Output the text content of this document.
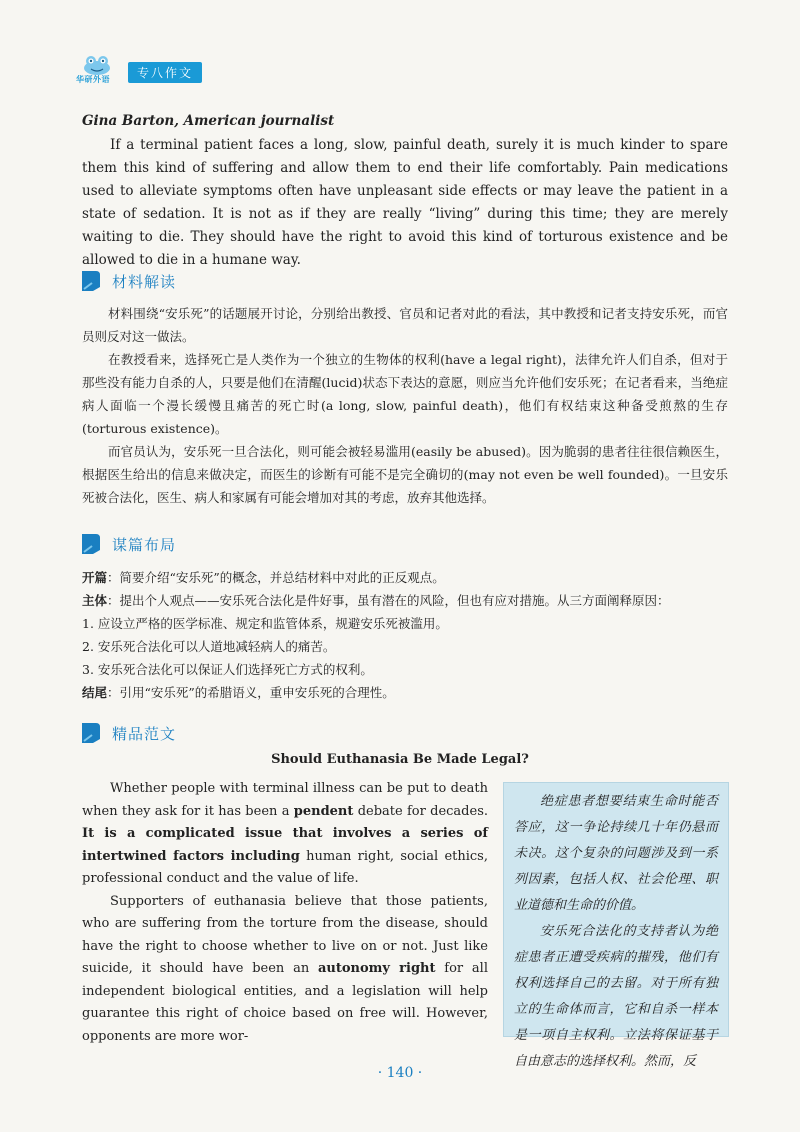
华研外语	专八作文
Gina Barton, American journalist

If a terminal patient faces a long, slow, painful death, surely it is much kinder to spare them this kind of suffering and allow them to end their life comfortably. Pain medications used to alleviate symptoms often have unpleasant side effects or may leave the patient in a state of sedation. It is not as if they are really “living” during this time; they are merely waiting to die. They should have the right to avoid this kind of torturous existence and be allowed to die in a humane way.

材料解读

材料围绕“安乐死”的话题展开讨论，分别给出教授、官员和记者对此的看法，其中教授和记者支持安乐死，而官员则反对这一做法。

在教授看来，选择死亡是人类作为一个独立的生物体的权利(have a legal right)，法律允许人们自杀，但对于那些没有能力自杀的人，只要是他们在清醒(lucid)状态下表达的意愿，则应当允许他们安乐死；在记者看来，当绝症病人面临一个漫长缓慢且痛苦的死亡时(a long, slow, painful death)，他们有权结束这种备受煎熬的生存(torturous existence)。

而官员认为，安乐死一旦合法化，则可能会被轻易滥用(easily be abused)。因为脆弱的患者往往很信赖医生，根据医生给出的信息来做决定，而医生的诊断有可能不是完全确切的(may not even be well founded)。一旦安乐死被合法化，医生、病人和家属有可能会增加对其的考虑，放弃其他选择。

谋篇布局
开篇：简要介绍“安乐死”的概念，并总结材料中对此的正反观点。
主体：提出个人观点——安乐死合法化是件好事，虽有潜在的风险，但也有应对措施。从三方面阐释原因：
1. 应设立严格的医学标准、规定和监管体系，规避安乐死被滥用。
2. 安乐死合法化可以人道地减轻病人的痛苦。
3. 安乐死合法化可以保证人们选择死亡方式的权利。
结尾：引用“安乐死”的希腊语义，重申安乐死的合理性。
精品范文
Should Euthanasia Be Made Legal?

Whether people with terminal illness can be put to death when they ask for it has been a pendent debate for decades. It is a complicated issue that involves a series of intertwined factors including human right, social ethics, professional conduct and the value of life.

Supporters of euthanasia believe that those patients, who are suffering from the torture from the disease, should have the right to choose whether to live on or not. Just like suicide, it should have been an autonomy right for all independent biological entities, and a legislation will help guarantee this right of choice based on free will. However, opponents are more wor-

绝症患者想要结束生命时能否答应，这一争论持续几十年仍悬而未决。这个复杂的问题涉及到一系列因素，包括人权、社会伦理、职业道德和生命的价值。

安乐死合法化的支持者认为绝症患者正遭受疾病的摧残，他们有权利选择自己的去留。对于所有独立的生命体而言，它和自杀一样本是一项自主权利。立法将保证基于自由意志的选择权利。然而，反

· 140 ·
